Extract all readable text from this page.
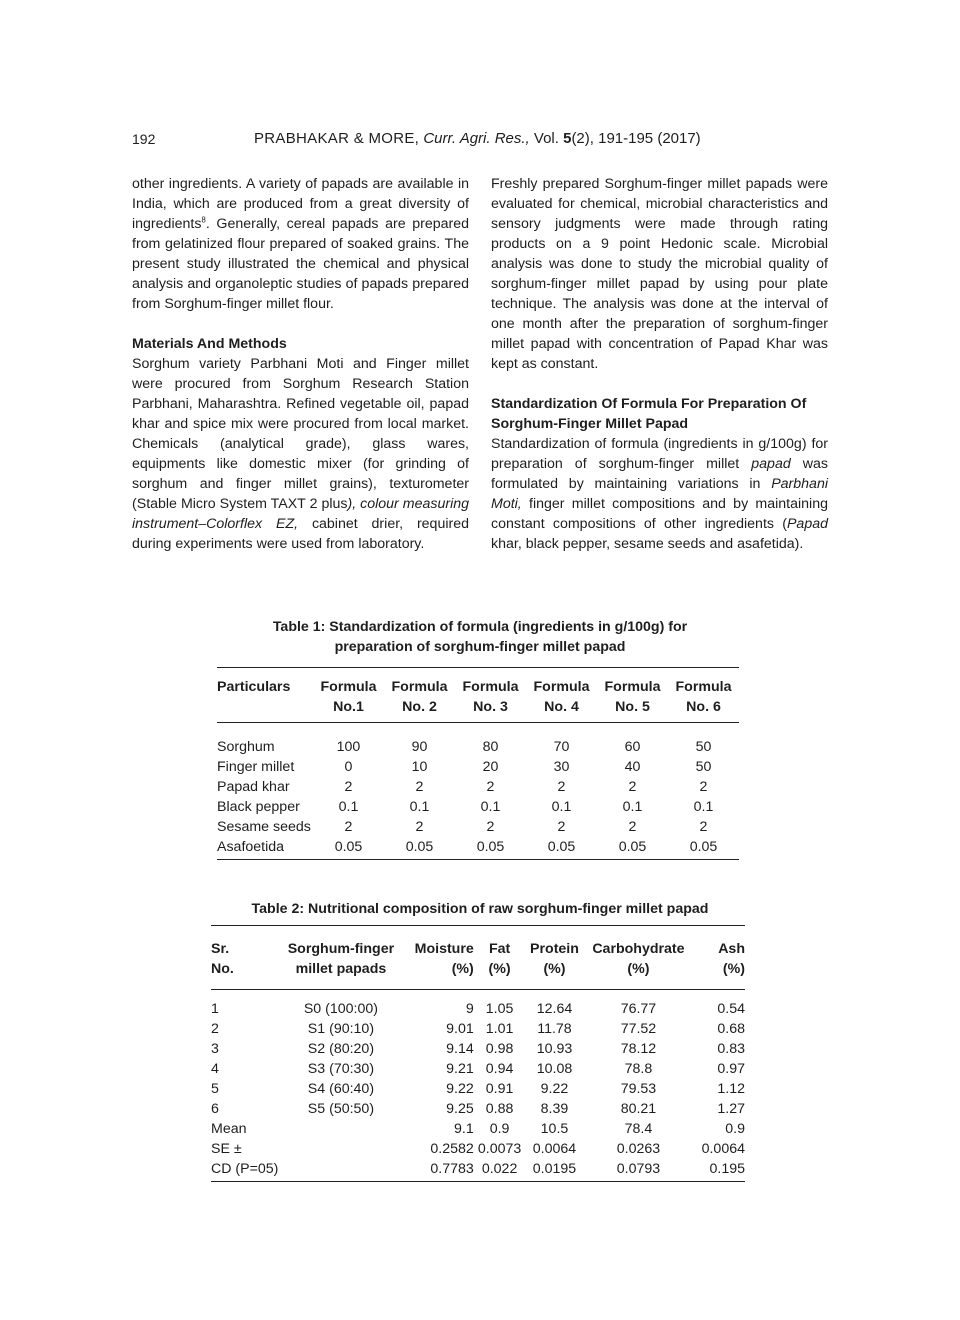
192	PRABHAKAR & MORE, Curr. Agri. Res., Vol. 5(2), 191-195 (2017)

other ingredients. A variety of papads are available in India, which are produced from a great diversity of ingredients$^8$. Generally, cereal papads are prepared from gelatinized flour prepared of soaked grains. The present study illustrated the chemical and physical analysis and organoleptic studies of papads prepared from Sorghum-finger millet flour.

Materials And Methods

Sorghum variety Parbhani Moti and Finger millet were procured from Sorghum Research Station Parbhani, Maharashtra. Refined vegetable oil, papad khar and spice mix were procured from local market. Chemicals (analytical grade), glass wares, equipments like domestic mixer (for grinding of sorghum and finger millet grains), texturometer (Stable Micro System TAXT 2 plus), colour measuring instrument–Colorflex EZ, cabinet drier, required during experiments were used from laboratory.

Freshly prepared Sorghum-finger millet papads were evaluated for chemical, microbial characteristics and sensory judgments were made through rating products on a 9 point Hedonic scale. Microbial analysis was done to study the microbial quality of sorghum-finger millet papad by using pour plate technique. The analysis was done at the interval of one month after the preparation of sorghum-finger millet papad with concentration of Papad Khar was kept as constant.

Standardization Of Formula For Preparation Of Sorghum-Finger Millet Papad

Standardization of formula (ingredients in g/100g) for preparation of sorghum-finger millet papad was formulated by maintaining variations in Parbhani Moti, finger millet compositions and by maintaining constant compositions of other ingredients (Papad khar, black pepper, sesame seeds and asafetida).

Table 1: Standardization of formula (ingredients in g/100g) for
preparation of sorghum-finger millet papad
Particulars	Formula	Formula	Formula	Formula	Formula	Formula
	No.1	No. 2	No. 3	No. 4	No. 5	No. 6
Sorghum	100	90	80	70	60	50
Finger millet	0	10	20	30	40	50
Papad khar	2	2	2	2	2	2
Black pepper	0.1	0.1	0.1	0.1	0.1	0.1
Sesame seeds	2	2	2	2	2	2
Asafoetida	0.05	0.05	0.05	0.05	0.05	0.05
Table 2: Nutritional composition of raw sorghum-finger millet papad
Sr.	Sorghum-finger	Moisture	Fat	Protein	Carbohydrate	Ash
No.	millet papads	(%)	(%)	(%)	(%)	(%)
1	S0 (100:00)	9	1.05	12.64	76.77	0.54
2	S1 (90:10)	9.01	1.01	11.78	77.52	0.68
3	S2 (80:20)	9.14	0.98	10.93	78.12	0.83
4	S3 (70:30)	9.21	0.94	10.08	78.8	0.97
5	S4 (60:40)	9.22	0.91	9.22	79.53	1.12
6	S5 (50:50)	9.25	0.88	8.39	80.21	1.27
Mean		9.1	0.9	10.5	78.4	0.9
SE ±		0.2582	0.0073	0.0064	0.0263	0.0064
CD (P=05)		0.7783	0.022	0.0195	0.0793	0.195
